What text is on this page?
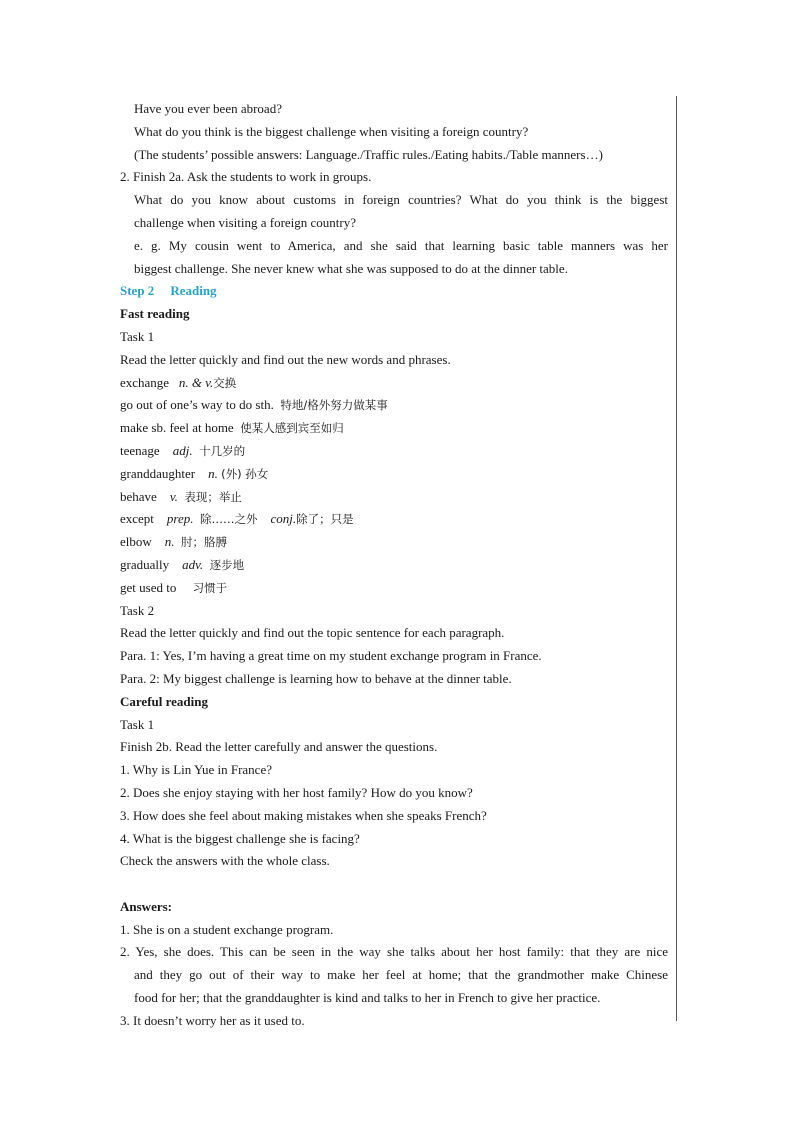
Have you ever been abroad?
What do you think is the biggest challenge when visiting a foreign country?
(The students’ possible answers: Language./Traffic rules./Eating habits./Table manners…)
2. Finish 2a. Ask the students to work in groups.
What do you know about customs in foreign countries? What do you think is the biggest
challenge when visiting a foreign country?
e. g. My cousin went to America, and she said that learning basic table manners was her
biggest challenge. She never knew what she was supposed to do at the dinner table.
Step 2 Reading
Fast reading
Task 1
Read the letter quickly and find out the new words and phrases.
exchange n. & v.交换
go out of one’s way to do sth. 特地/格外努力做某事
make sb. feel at home 使某人感到宾至如归
teenage adj. 十几岁的
granddaughter n. (外) 孙女
behave v. 表现；举止
except prep. 除……之外 conj.除了；只是
elbow n. 肘；胳膊
gradually adv. 逐步地
get used to 习惯于
Task 2
Read the letter quickly and find out the topic sentence for each paragraph.
Para. 1: Yes, I’m having a great time on my student exchange program in France.
Para. 2: My biggest challenge is learning how to behave at the dinner table.
Careful reading
Task 1
Finish 2b. Read the letter carefully and answer the questions.
1. Why is Lin Yue in France?
2. Does she enjoy staying with her host family? How do you know?
3. How does she feel about making mistakes when she speaks French?
4. What is the biggest challenge she is facing?
Check the answers with the whole class.
Answers:
1. She is on a student exchange program.
2. Yes, she does. This can be seen in the way she talks about her host family: that they are nice
and they go out of their way to make her feel at home; that the grandmother make Chinese
food for her; that the granddaughter is kind and talks to her in French to give her practice.
3. It doesn’t worry her as it used to.
